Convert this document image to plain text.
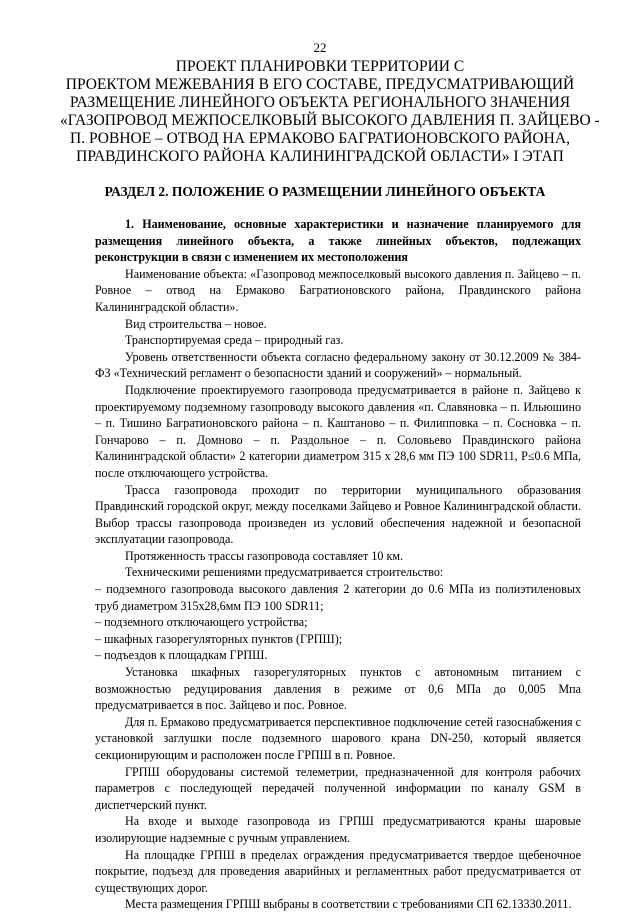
22
ПРОЕКТ ПЛАНИРОВКИ ТЕРРИТОРИИ С
ПРОЕКТОМ МЕЖЕВАНИЯ В ЕГО СОСТАВЕ, ПРЕДУСМАТРИВАЮЩИЙ
РАЗМЕЩЕНИЕ ЛИНЕЙНОГО ОБЪЕКТА РЕГИОНАЛЬНОГО ЗНАЧЕНИЯ
«ГАЗОПРОВОД МЕЖПОСЕЛКОВЫЙ ВЫСОКОГО ДАВЛЕНИЯ П. ЗАЙЦЕВО -
П. РОВНОЕ – ОТВОД НА ЕРМАКОВО БАГРАТИОНОВСКОГО РАЙОНА,
ПРАВДИНСКОГО РАЙОНА КАЛИНИНГРАДСКОЙ ОБЛАСТИ» I ЭТАП
РАЗДЕЛ 2. ПОЛОЖЕНИЕ О РАЗМЕЩЕНИИ ЛИНЕЙНОГО ОБЪЕКТА

1. Наименование, основные характеристики и назначение планируемого для размещения линейного объекта, а также линейных объектов, подлежащих реконструкции в связи с изменением их местоположения

Наименование объекта: «Газопровод межпоселковый высокого давления п. Зайцево – п. Ровное – отвод на Ермаково Багратионовского района, Правдинского района Калининградской области».

Вид строительства – новое.

Транспортируемая среда – природный газ.

Уровень ответственности объекта согласно федеральному закону от 30.12.2009 № 384-ФЗ «Технический регламент о безопасности зданий и сооружений» – нормальный.

Подключение проектируемого газопровода предусматривается в районе п. Зайцево к проектируемому подземному газопроводу высокого давления «п. Славяновка – п. Ильюшино – п. Тишино Багратионовского района – п. Каштаново – п. Филипповка – п. Сосновка – п. Гончарово – п. Домново – п. Раздольное – п. Соловьево Правдинского района Калининградской области» 2 категории диаметром 315 х 28,6 мм ПЭ 100 SDR11, Р≤0.6 МПа, после отключающего устройства.

Трасса газопровода проходит по территории муниципального образования Правдинский городской округ, между поселками Зайцево и Ровное Калининградской области. Выбор трассы газопровода произведен из условий обеспечения надежной и безопасной эксплуатации газопровода.

Протяженность трассы газопровода составляет 10 км.

Техническими решениями предусматривается строительство:

– подземного газопровода высокого давления 2 категории до 0.6 МПа из полиэтиленовых труб диаметром 315х28,6мм ПЭ 100 SDR11;

– подземного отключающего устройства;

– шкафных газорегуляторных пунктов (ГРПШ);

– подъездов к площадкам ГРПШ.

Установка шкафных газорегуляторных пунктов с автономным питанием с возможностью редуцирования давления в режиме от 0,6 МПа до 0,005 Мпа предусматривается в пос. Зайцево и пос. Ровное.

Для п. Ермаково предусматривается перспективное подключение сетей газоснабжения с установкой заглушки после подземного шарового крана DN-250, который является секционирующим и расположен после ГРПШ в п. Ровное.

ГРПШ оборудованы системой телеметрии, предназначенной для контроля рабочих параметров с последующей передачей полученной информации по каналу GSM в диспетчерский пункт.

На входе и выходе газопровода из ГРПШ предусматриваются краны шаровые изолирующие надземные с ручным управлением.

На площадке ГРПШ в пределах ограждения предусматривается твердое щебеночное покрытие, подъезд для проведения аварийных и регламентных работ предусматривается от существующих дорог.

Места размещения ГРПШ выбраны в соответствии с требованиями СП 62.13330.2011.
